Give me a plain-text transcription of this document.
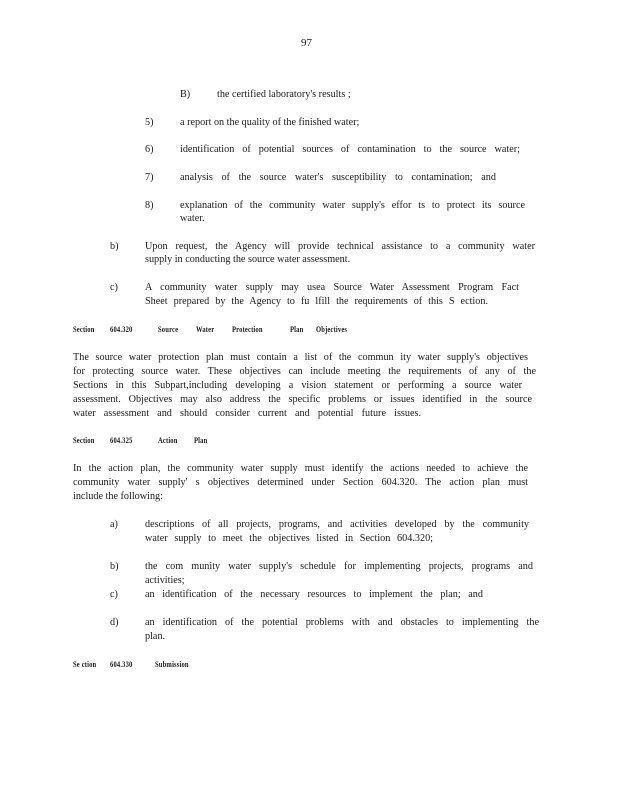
97
B)	the certified laboratory's results ;
5)	a report on the quality of the finished water;
6)	identification of potential sources of contamination to the source water;
7)	analysis of the source water's susceptibility to contamination; and
8)	explanation of the community water supply's effor ts to protect its source
water.
b)	Upon request, the Agency will provide technical assistance to a community water
supply in conducting the source water assessment.
c)	A community water supply may usea Source Water Assessment Program Fact
Sheet prepared by the Agency to fu lfill the requirements of this S ection.
Section 604.320	Source Water Protection	Plan Objectives
The source water protection plan must contain a list of the commun ity water supply's objectives
for protecting source water. These objectives can include meeting the requirements of any of the
Sections in this Subpart,including developing a vision statement or performing a source water
assessment. Objectives may also address the specific problems or issues identified in the source
water assessment and should consider current and potential future issues.
Section 604.325	Action Plan
In the action plan, the community water supply must identify the actions needed to achieve the
community water supply' s objectives determined under Section 604.320. The action plan must
include the following:
a)	descriptions of all projects, programs, and activities developed by the community
water supply to meet the objectives listed in Section 604.320;
b)	the com munity water supply's schedule for implementing projects, programs and
activities;
c)	an identification of the necessary resources to implement the plan; and
d)	an identification of the potential problems with and obstacles to implementing the
plan.
Se ction 604.330	Submission
